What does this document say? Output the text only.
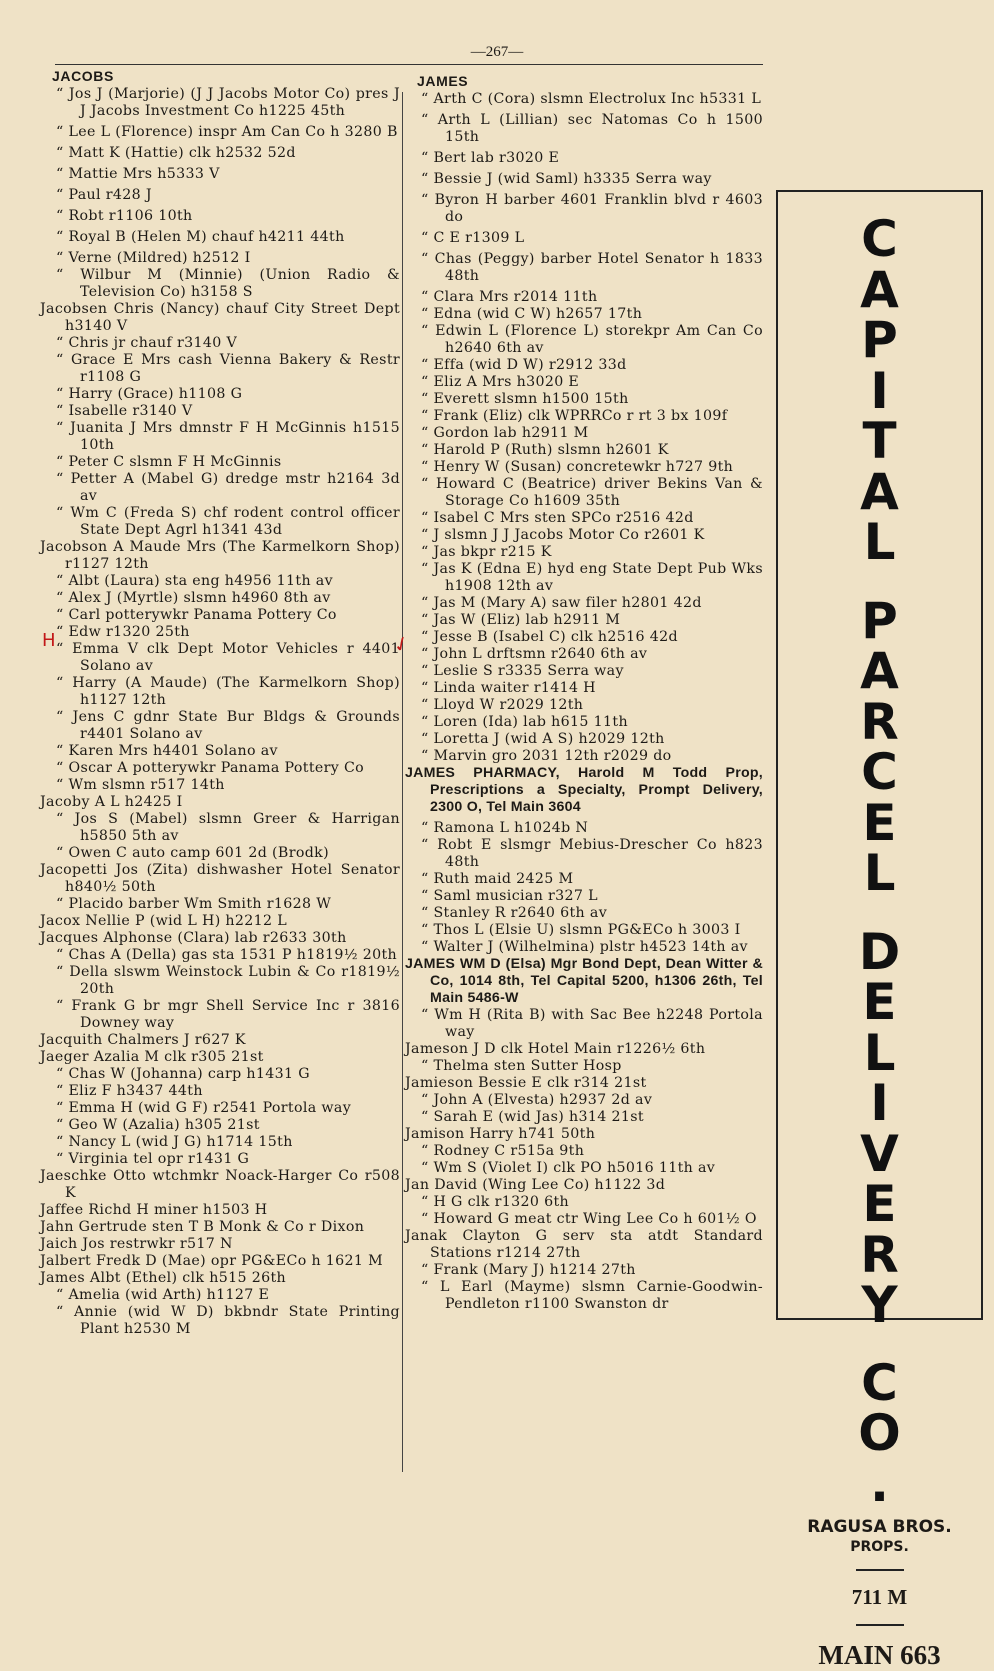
—267—
JACOBS
“ Jos J (Marjorie) (J J Jacobs Motor Co) pres J J Jacobs Investment Co h1225 45th
“ Lee L (Florence) inspr Am Can Co h 3280 B
“ Matt K (Hattie) clk h2532 52d
“ Mattie Mrs h5333 V
“ Paul r428 J
“ Robt r1106 10th
“ Royal B (Helen M) chauf h4211 44th
“ Verne (Mildred) h2512 I
“ Wilbur M (Minnie) (Union Radio & Television Co) h3158 S
Jacobsen Chris (Nancy) chauf City Street Dept h3140 V
“ Chris jr chauf r3140 V
“ Grace E Mrs cash Vienna Bakery & Restr r1108 G
“ Harry (Grace) h1108 G
“ Isabelle r3140 V
“ Juanita J Mrs dmnstr F H McGinnis h1515 10th
“ Peter C slsmn F H McGinnis
“ Petter A (Mabel G) dredge mstr h2164 3d av
“ Wm C (Freda S) chf rodent control officer State Dept Agrl h1341 43d
Jacobson A Maude Mrs (The Karmelkorn Shop) r1127 12th
“ Albt (Laura) sta eng h4956 11th av
“ Alex J (Myrtle) slsmn h4960 8th av
“ Carl potterywkr Panama Pottery Co
“ Edw r1320 25th
“ Emma V clk Dept Motor Vehicles r 4401 Solano av
“ Harry (A Maude) (The Karmelkorn Shop) h1127 12th
“ Jens C gdnr State Bur Bldgs & Grounds r4401 Solano av
“ Karen Mrs h4401 Solano av
“ Oscar A potterywkr Panama Pottery Co
“ Wm slsmn r517 14th
Jacoby A L h2425 I
“ Jos S (Mabel) slsmn Greer & Harrigan h5850 5th av
“ Owen C auto camp 601 2d (Brodk)
Jacopetti Jos (Zita) dishwasher Hotel Senator h840½ 50th
“ Placido barber Wm Smith r1628 W
Jacox Nellie P (wid L H) h2212 L
Jacques Alphonse (Clara) lab r2633 30th
“ Chas A (Della) gas sta 1531 P h1819½ 20th
“ Della slswm Weinstock Lubin & Co r1819½ 20th
“ Frank G br mgr Shell Service Inc r 3816 Downey way
Jacquith Chalmers J r627 K
Jaeger Azalia M clk r305 21st
“ Chas W (Johanna) carp h1431 G
“ Eliz F h3437 44th
“ Emma H (wid G F) r2541 Portola way
“ Geo W (Azalia) h305 21st
“ Nancy L (wid J G) h1714 15th
“ Virginia tel opr r1431 G
Jaeschke Otto wtchmkr Noack-Harger Co r508 K
Jaffee Richd H miner h1503 H
Jahn Gertrude sten T B Monk & Co r Dixon
Jaich Jos restrwkr r517 N
Jalbert Fredk D (Mae) opr PG&ECo h 1621 M
James Albt (Ethel) clk h515 26th
“ Amelia (wid Arth) h1127 E
“ Annie (wid W D) bkbndr State Printing Plant h2530 M
JAMES
“ Arth C (Cora) slsmn Electrolux Inc h5331 L
“ Arth L (Lillian) sec Natomas Co h 1500 15th
“ Bert lab r3020 E
“ Bessie J (wid Saml) h3335 Serra way
“ Byron H barber 4601 Franklin blvd r 4603 do
“ C E r1309 L
“ Chas (Peggy) barber Hotel Senator h 1833 48th
“ Clara Mrs r2014 11th
“ Edna (wid C W) h2657 17th
“ Edwin L (Florence L) storekpr Am Can Co h2640 6th av
“ Effa (wid D W) r2912 33d
“ Eliz A Mrs h3020 E
“ Everett slsmn h1500 15th
“ Frank (Eliz) clk WPRRCo r rt 3 bx 109f
“ Gordon lab h2911 M
“ Harold P (Ruth) slsmn h2601 K
“ Henry W (Susan) concretewkr h727 9th
“ Howard C (Beatrice) driver Bekins Van & Storage Co h1609 35th
“ Isabel C Mrs sten SPCo r2516 42d
“ J slsmn J J Jacobs Motor Co r2601 K
“ Jas bkpr r215 K
“ Jas K (Edna E) hyd eng State Dept Pub Wks h1908 12th av
“ Jas M (Mary A) saw filer h2801 42d
“ Jas W (Eliz) lab h2911 M
“ Jesse B (Isabel C) clk h2516 42d
“ John L drftsmn r2640 6th av
“ Leslie S r3335 Serra way
“ Linda waiter r1414 H
“ Lloyd W r2029 12th
“ Loren (Ida) lab h615 11th
“ Loretta J (wid A S) h2029 12th
“ Marvin gro 2031 12th r2029 do
JAMES PHARMACY, Harold M Todd Prop, Prescriptions a Specialty, Prompt Delivery, 2300 O, Tel Main 3604
“ Ramona L h1024b N
“ Robt E slsmgr Mebius-Drescher Co h823 48th
“ Ruth maid 2425 M
“ Saml musician r327 L
“ Stanley R r2640 6th av
“ Thos L (Elsie U) slsmn PG&ECo h 3003 I
“ Walter J (Wilhelmina) plstr h4523 14th av
JAMES WM D (Elsa) Mgr Bond Dept, Dean Witter & Co, 1014 8th, Tel Capital 5200, h1306 26th, Tel Main 5486-W
“ Wm H (Rita B) with Sac Bee h2248 Portola way
Jameson J D clk Hotel Main r1226½ 6th
“ Thelma sten Sutter Hosp
Jamieson Bessie E clk r314 21st
“ John A (Elvesta) h2937 2d av
“ Sarah E (wid Jas) h314 21st
Jamison Harry h741 50th
“ Rodney C r515a 9th
“ Wm S (Violet I) clk PO h5016 11th av
Jan David (Wing Lee Co) h1122 3d
“ H G clk r1320 6th
“ Howard G meat ctr Wing Lee Co h 601½ O
Janak Clayton G serv sta atdt Standard Stations r1214 27th
“ Frank (Mary J) h1214 27th
“ L Earl (Mayme) slsmn Carnie-Goodwin-Pendleton r1100 Swanston dr
C
A
P
I
T
A
L
P
A
R
C
E
L
D
E
L
I
V
E
R
Y
C
O
.
RAGUSA BROS.
PROPS.
711 M
MAIN 663
H	✓
